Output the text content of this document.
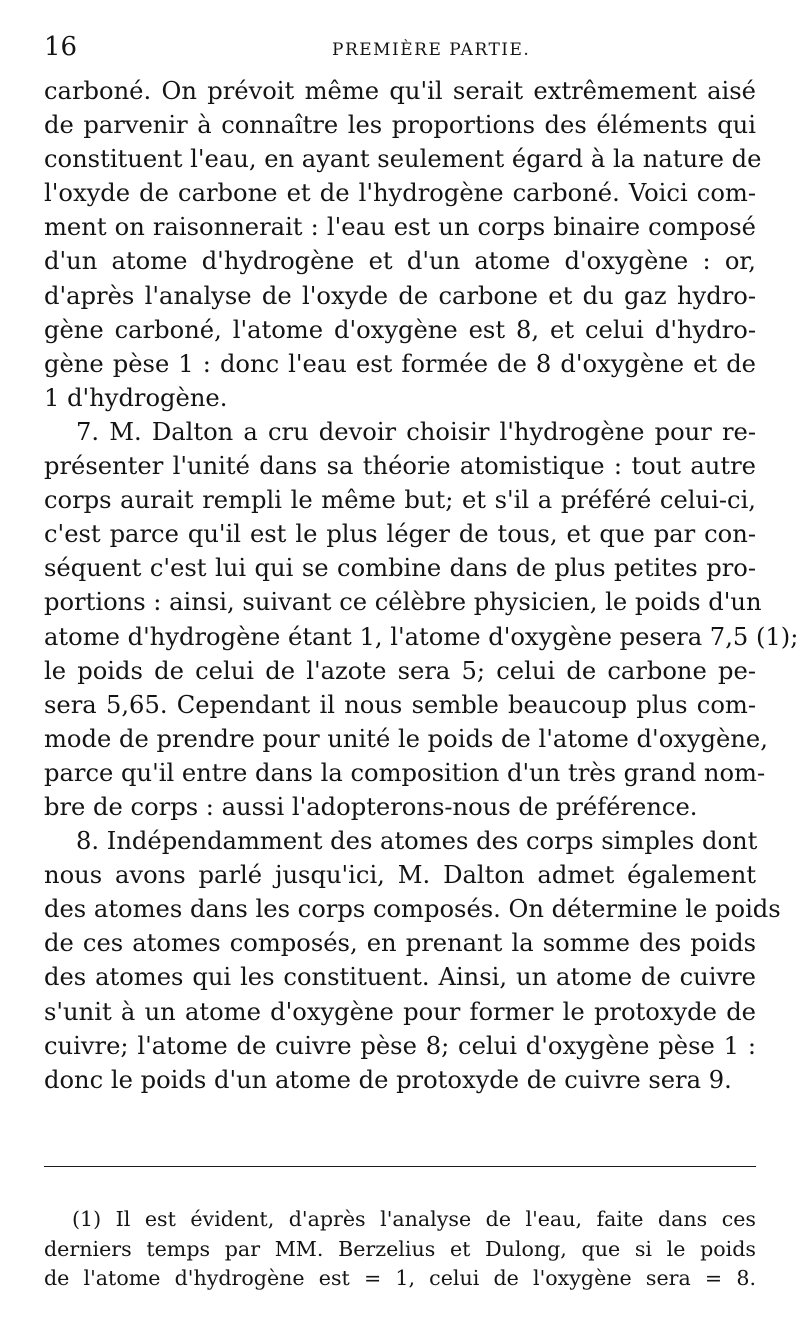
16	PREMIÈRE PARTIE.
carboné. On prévoit même qu'il serait extrêmement aisé
de parvenir à connaître les proportions des éléments qui
constituent l'eau, en ayant seulement égard à la nature de
l'oxyde de carbone et de l'hydrogène carboné. Voici com-
ment on raisonnerait : l'eau est un corps binaire composé
d'un atome d'hydrogène et d'un atome d'oxygène : or,
d'après l'analyse de l'oxyde de carbone et du gaz hydro-
gène carboné, l'atome d'oxygène est 8, et celui d'hydro-
gène pèse 1 : donc l'eau est formée de 8 d'oxygène et de
1 d'hydrogène.
7. M. Dalton a cru devoir choisir l'hydrogène pour re-
présenter l'unité dans sa théorie atomistique : tout autre
corps aurait rempli le même but; et s'il a préféré celui-ci,
c'est parce qu'il est le plus léger de tous, et que par con-
séquent c'est lui qui se combine dans de plus petites pro-
portions : ainsi, suivant ce célèbre physicien, le poids d'un
atome d'hydrogène étant 1, l'atome d'oxygène pesera 7,5 (1);
le poids de celui de l'azote sera 5; celui de carbone pe-
sera 5,65. Cependant il nous semble beaucoup plus com-
mode de prendre pour unité le poids de l'atome d'oxygène,
parce qu'il entre dans la composition d'un très grand nom-
bre de corps : aussi l'adopterons-nous de préférence.
8. Indépendamment des atomes des corps simples dont
nous avons parlé jusqu'ici, M. Dalton admet également
des atomes dans les corps composés. On détermine le poids
de ces atomes composés, en prenant la somme des poids
des atomes qui les constituent. Ainsi, un atome de cuivre
s'unit à un atome d'oxygène pour former le protoxyde de
cuivre; l'atome de cuivre pèse 8; celui d'oxygène pèse 1 :
donc le poids d'un atome de protoxyde de cuivre sera 9.
(1) Il est évident, d'après l'analyse de l'eau, faite dans ces
derniers temps par MM. Berzelius et Dulong, que si le poids
de l'atome d'hydrogène est = 1, celui de l'oxygène sera = 8.
